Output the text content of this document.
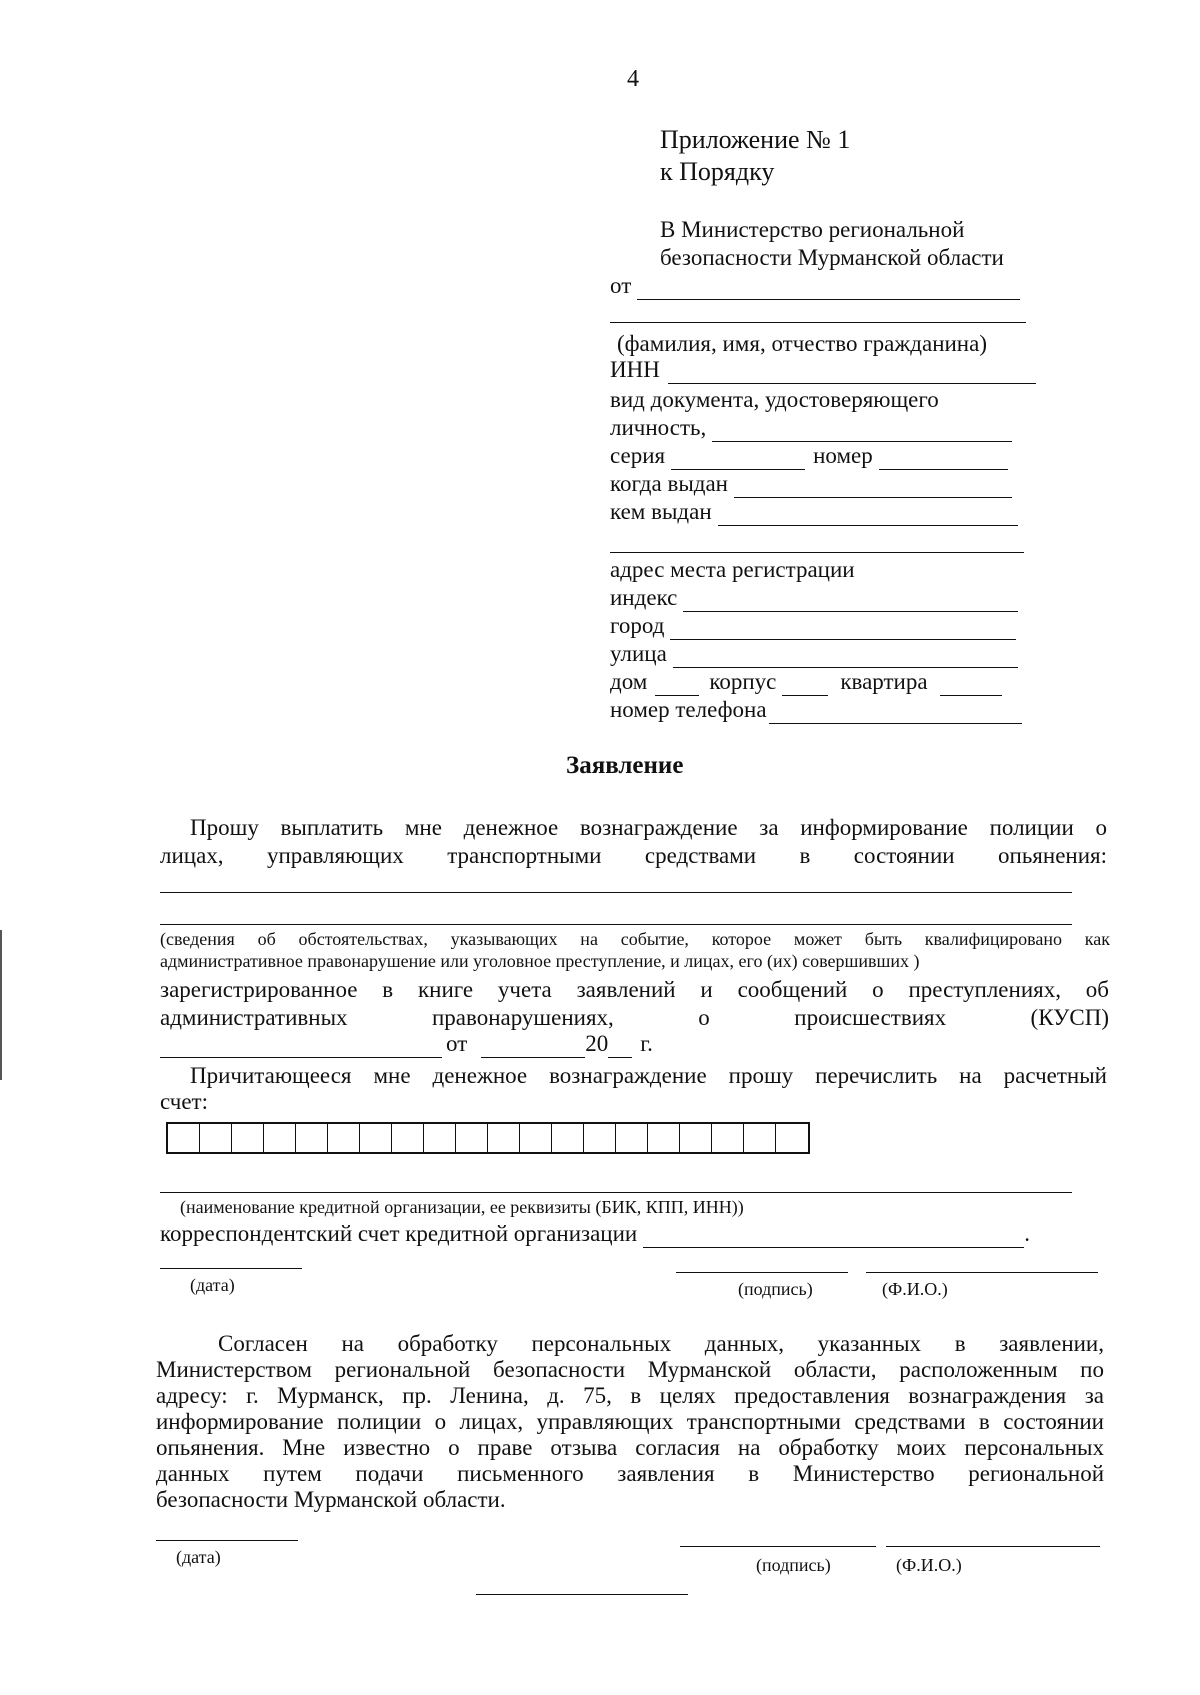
4
Приложение № 1
к Порядку
В Министерство региональной
безопасности Мурманской области
от
(фамилия, имя, отчество гражданина)
ИНН
вид документа, удостоверяющего
личность,
серия	номер
когда выдан
кем выдан
адрес места регистрации
индекс
город
улица
дом	корпус	квартира
номер телефона
Заявление
Прошу выплатить мне денежное вознаграждение за информирование полиции о
лицах, управляющих транспортными средствами в состоянии опьянения:
(сведения об обстоятельствах, указывающих на событие, которое может быть квалифицировано как
административное правонарушение или уголовное преступление, и лицах, его (их) совершивших )
зарегистрированное в книге учета заявлений и сообщений о преступлениях, об
административных правонарушениях, о происшествиях (КУСП)
от	20 г.
Причитающееся мне денежное вознаграждение прошу перечислить на расчетный
счет:
(наименование кредитной организации, ее реквизиты (БИК, КПП, ИНН))
корреспондентский счет кредитной организации	.
(дата)	(подпись)	(Ф.И.О.)
Согласен на обработку персональных данных, указанных в заявлении,
Министерством региональной безопасности Мурманской области, расположенным по
адресу: г. Мурманск, пр. Ленина, д. 75, в целях предоставления вознаграждения за
информирование полиции о лицах, управляющих транспортными средствами в состоянии
опьянения. Мне известно о праве отзыва согласия на обработку моих персональных
данных путем подачи письменного заявления в Министерство региональной
безопасности Мурманской области.
(дата)	(подпись)	(Ф.И.О.)
